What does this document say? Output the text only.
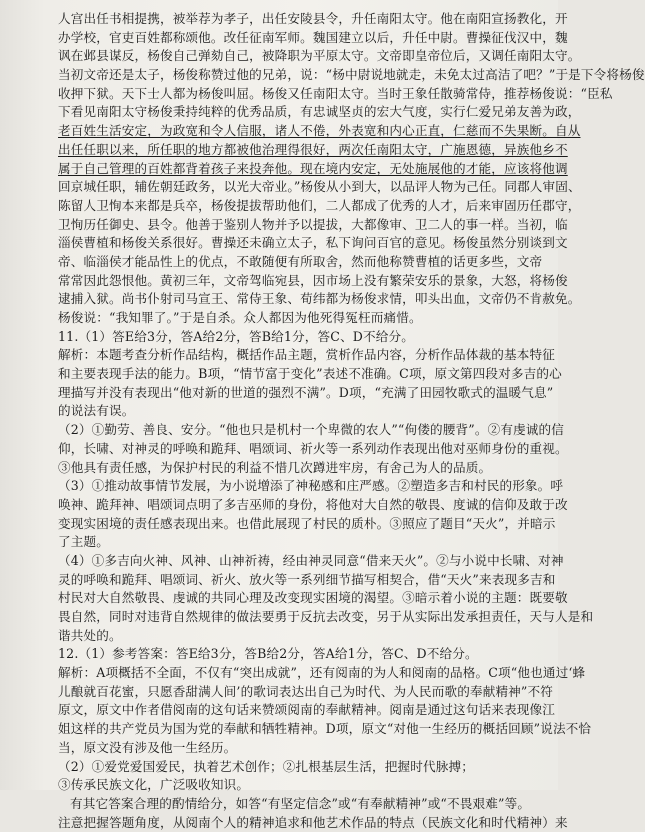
人宫出任书相提携，被举荐为孝子，出任安陵县令，升任南阳太守。他在南阳宣扬教化，开
办学校，官吏百姓都称颂他。改任征南军师。魏国建立以后，升任中尉。曹操征伐汉中，魏
讽在邺县谋反，杨俊自己弹劾自己，被降职为平原太守。文帝即皇帝位后，又调任南阳太守。
当初文帝还是太子，杨俊称赞过他的兄弟，说：“杨中尉说地就走，未免太过高洁了吧？”于是下令将杨俊
收押下狱。天下士人都为杨俊叫屈。杨俊又任南阳太守。当时王象任散骑常侍，推荐杨俊说：“臣私
下看见南阳太守杨俊秉持纯粹的优秀品质，有忠诚坚贞的宏大气度，实行仁爱兄弟友善为政，
老百姓生活安定，为政宽和令人信服，诸人不倦，外表宽和内心正直，仁慈而不失果断。自从
出任任职以来，所任职的地方都被他治理得很好，两次任南阳太守，广施恩德，异族他乡不
属于自己管理的百姓都背着孩子来投奔他。现在境内安定，无处施展他的才能，应该将他调
回京城任职，辅佐朝廷政务，以光大帝业。”杨俊从小到大，以品评人物为己任。同郡人审固、
陈留人卫恂本来都是兵卒，杨俊提拔帮助他们，二人都成了优秀的人才，后来审固历任郡守，
卫恂历任御史、县令。他善于鉴别人物并予以提拔，大都像审、卫二人的事一样。当初，临
淄侯曹植和杨俊关系很好。曹操还未确立太子，私下询问百官的意见。杨俊虽然分别谈到文
帝、临淄侯才能品性上的优点，不敢随便有所取舍，然而他称赞曹植的话更多些，文帝
常常因此怨恨他。黄初三年，文帝驾临宛县，因市场上没有繁荣安乐的景象，大怒，将杨俊
逮捕入狱。尚书仆射司马宣王、常侍王象、荀纬都为杨俊求情，叩头出血，文帝仍不肯赦免。
杨俊说：“我知罪了。”于是自杀。众人都因为他死得冤枉而痛惜。
11.（1）答E给3分，答A给2分，答B给1分，答C、D不给分。
解析：本题考查分析作品结构，概括作品主题，赏析作品内容，分析作品体裁的基本特征
和主要表现手法的能力。B项，“情节富于变化”表述不准确。C项，原文第四段对多吉的心
理描写并没有表现出“他对新的世道的强烈不满”。D项，“充满了田园牧歌式的温暖气息”
的说法有误。
（2）①勤劳、善良、安分。“他也只是机村一个卑微的农人”“佝偻的腰背”。②有虔诚的信
仰，长啸、对神灵的呼唤和跪拜、唱颂词、祈火等一系列动作表现出他对巫师身份的重视。
③他具有责任感，为保护村民的利益不惜几次蹲进牢房，有舍己为人的品质。
（3）①推动故事情节发展，为小说增添了神秘感和庄严感。②塑造多吉和村民的形象。呼
唤神、跪拜神、唱颂词点明了多吉巫师的身份，将他对大自然的敬畏、度诚的信仰及敢于改
变现实困境的责任感表现出来。也借此展现了村民的质朴。③照应了题目“天火”，并暗示
了主题。
（4）①多吉向火神、风神、山神祈祷，经由神灵同意“借来天火”。②与小说中长啸、对神
灵的呼唤和跪拜、唱颂词、祈火、放火等一系列细节描写相契合，借“天火”来表现多吉和
村民对大自然敬畏、虔诚的共同心理及改变现实困境的渴望。③暗示着小说的主题：既要敬
畏自然，同时对违背自然规律的做法要勇于反抗去改变，另于从实际出发承担责任，天与人是和
谐共处的。
12.（1）参考答案：答E给3分，答B给2分，答A给1分，答C、D不给分。
解析：A项概括不全面，不仅有“突出成就”，还有阅南的为人和阅南的品格。C项“他也通过‘蜂
儿酿就百花蜜，只愿香甜满人间’的歌词表达出自己为时代、为人民而歌的奉献精神”不符
原文，原文中作者借阅南的这句话来赞颂阅南的奉献精神。阅南是通过这句话来表现像江
姐这样的共产党员为国为党的奉献和牺牲精神。D项，原文“对他一生经历的概括回顾”说法不恰
当，原文没有涉及他一生经历。
（2）①爱党爱国爱民，执着艺术创作；②扎根基层生活，把握时代脉搏；
③传承民族文化，广泛吸收知识。
有其它答案合理的酌情给分，如答“有坚定信念”或“有奉献精神”或“不畏艰难”等。
注意把握答题角度，从阅南个人的精神追求和他艺术作品的特点（民族文化和时代精神）来
